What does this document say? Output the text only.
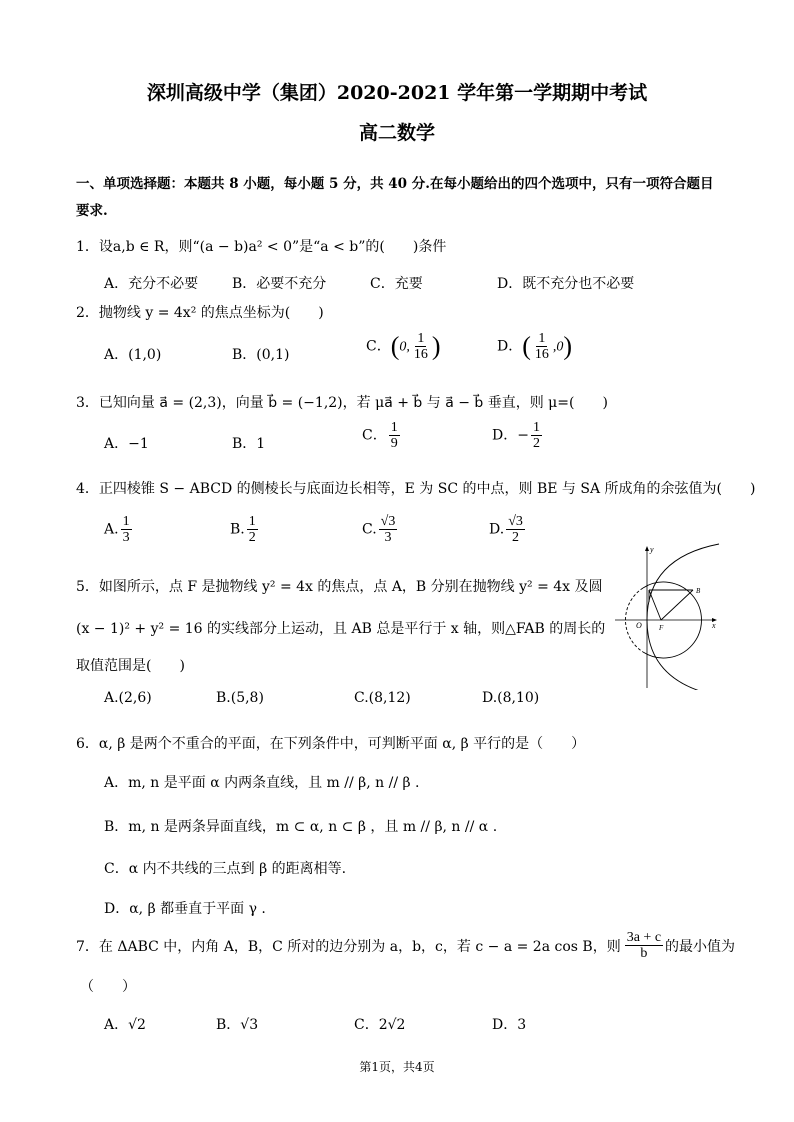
深圳高级中学（集团）2020-2021 学年第一学期期中考试
高二数学
一、单项选择题：本题共 8 小题，每小题 5 分，共 40 分.在每小题给出的四个选项中，只有一项符合题目
要求.
1．设a,b ∈ R，则“(a − b)a² < 0”是“a < b”的(　　)条件
A．充分不必要 B．必要不充分	C．充要	D．既不充分也不必要
2．抛物线 y = 4x² 的焦点坐标为(　　)
A．(1,0)	B．(0,1)
C．(0, $\frac{1}{16}$ )	D．( $\frac{1}{16} ,0$)
3．已知向量 a⃗ = (2,3)，向量 b⃗ = (−1,2)，若 μa⃗ + b⃗ 与 a⃗ − b⃗ 垂直，则 μ=(　　)
A．−1	B．1
C． $\frac{1}{9}$	D．− $\frac{1}{2}$
4．正四棱锥 S − ABCD 的侧棱长与底面边长相等，E 为 SC 的中点，则 BE 与 SA 所成角的余弦值为(　　)
A. $\frac{1}{3}$	B. $\frac{1}{2}$	C. $\frac{√3}{3}$	D. $\frac{√3}{2}$
5．如图所示，点 F 是抛物线 y² = 4x 的焦点，点 A，B 分别在抛物线 y² = 4x 及圆
(x − 1)² + y² = 16 的实线部分上运动，且 AB 总是平行于 x 轴，则△FAB 的周长的
取值范围是(　　)
A.(2,6)	B.(5,8)	C.(8,12)	D.(8,10)
y
x
O F
B
6．α, β 是两个不重合的平面，在下列条件中，可判断平面 α, β 平行的是（　　）
A．m, n 是平面 α 内两条直线，且 m // β, n // β .
B．m, n 是两条异面直线，m ⊂ α, n ⊂ β ，且 m // β, n // α .
C．α 内不共线的三点到 β 的距离相等.
D．α, β 都垂直于平面 γ .
7．在 ΔABC 中，内角 A，B，C 所对的边分别为 a，b，c，若 c − a = 2a cos B，则 $\frac{3a + c}{b}$ 的最小值为
（　　）
A．√2	B．√3	C．2√2	D．3
第1页，共4页
